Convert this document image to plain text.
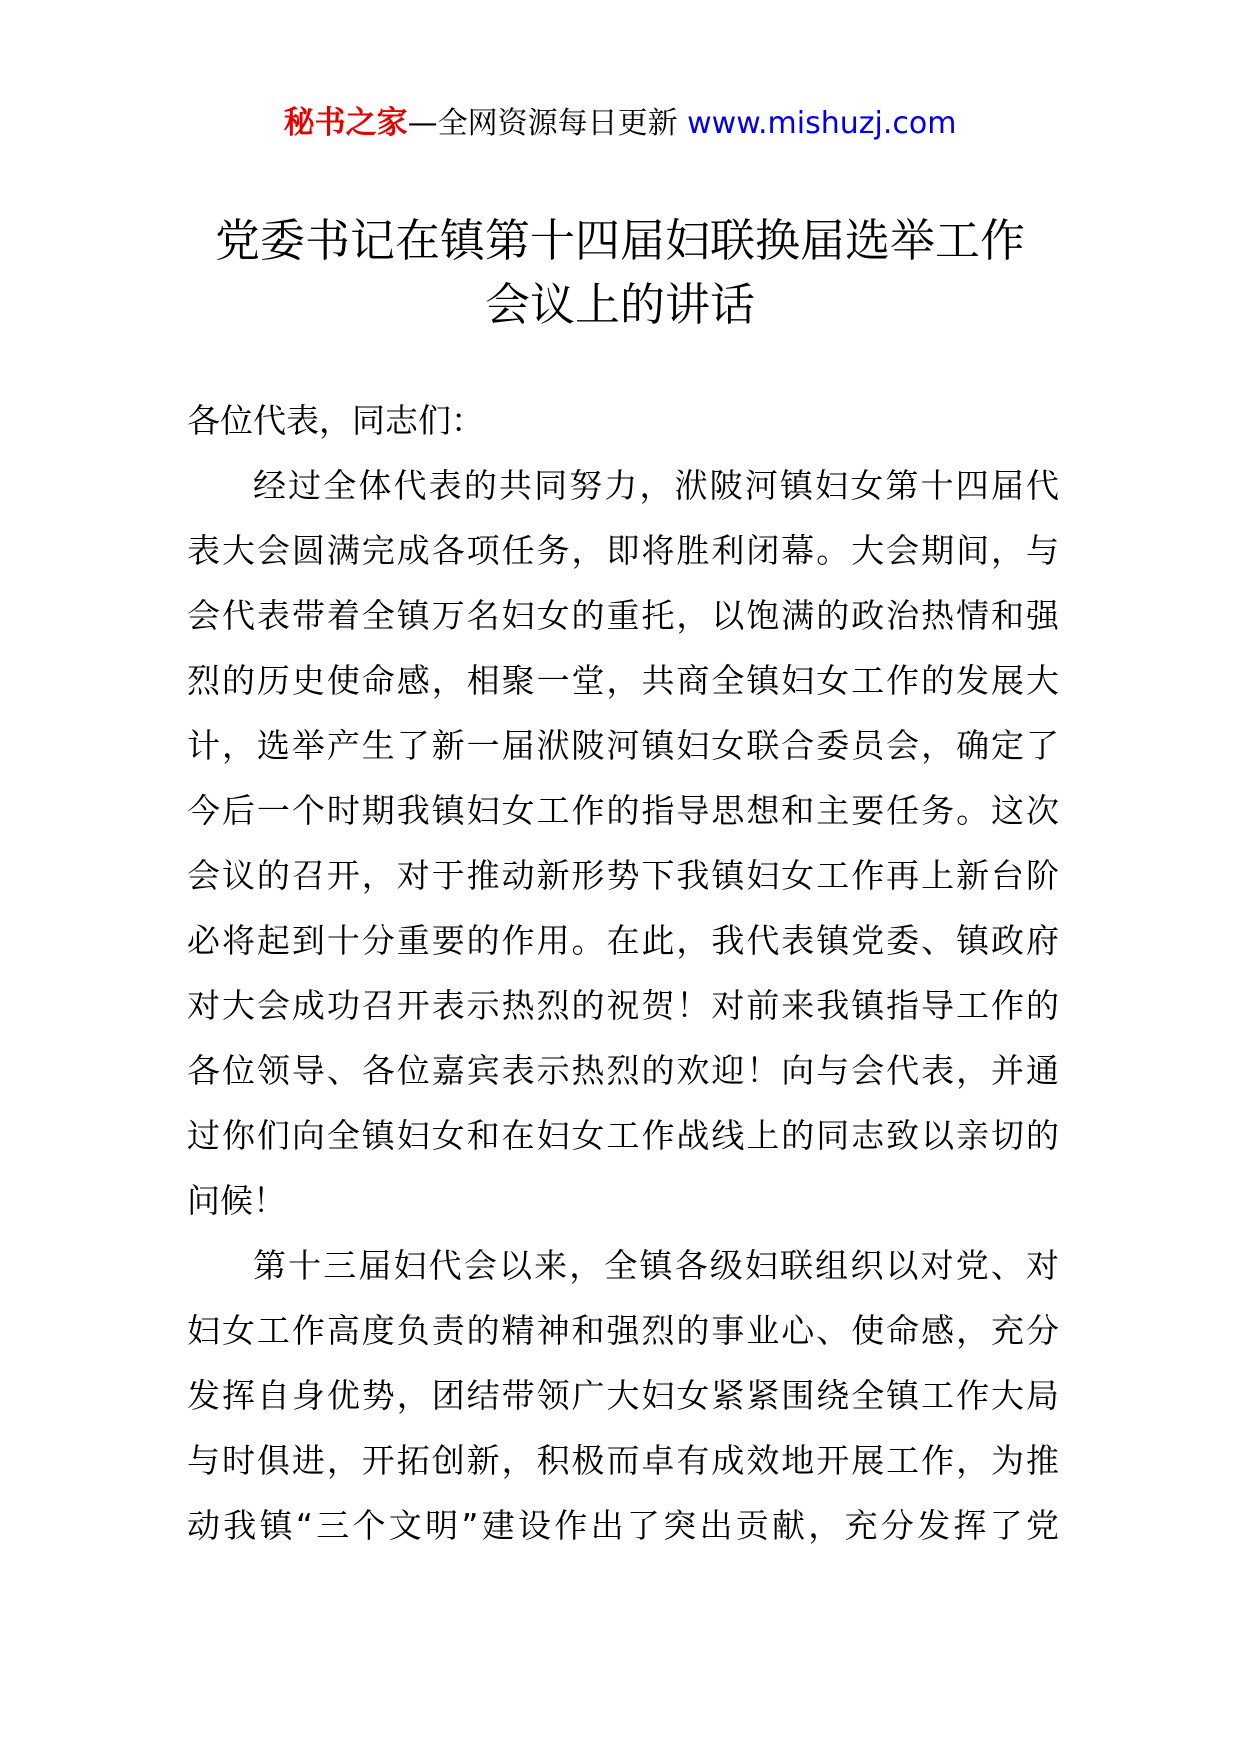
秘书之家—全网资源每日更新 www.mishuzj.com
党委书记在镇第十四届妇联换届选举工作
会议上的讲话
各位代表，同志们：
经过全体代表的共同努力，洑陂河镇妇女第十四届代
表大会圆满完成各项任务，即将胜利闭幕。大会期间，与
会代表带着全镇万名妇女的重托，以饱满的政治热情和强
烈的历史使命感，相聚一堂，共商全镇妇女工作的发展大
计，选举产生了新一届洑陂河镇妇女联合委员会，确定了
今后一个时期我镇妇女工作的指导思想和主要任务。这次
会议的召开，对于推动新形势下我镇妇女工作再上新台阶
必将起到十分重要的作用。在此，我代表镇党委、镇政府
对大会成功召开表示热烈的祝贺！对前来我镇指导工作的
各位领导、各位嘉宾表示热烈的欢迎！向与会代表，并通
过你们向全镇妇女和在妇女工作战线上的同志致以亲切的
问候！
第十三届妇代会以来，全镇各级妇联组织以对党、对
妇女工作高度负责的精神和强烈的事业心、使命感，充分
发挥自身优势，团结带领广大妇女紧紧围绕全镇工作大局
与时俱进，开拓创新，积极而卓有成效地开展工作，为推
动我镇“三个文明”建设作出了突出贡献，充分发挥了党
